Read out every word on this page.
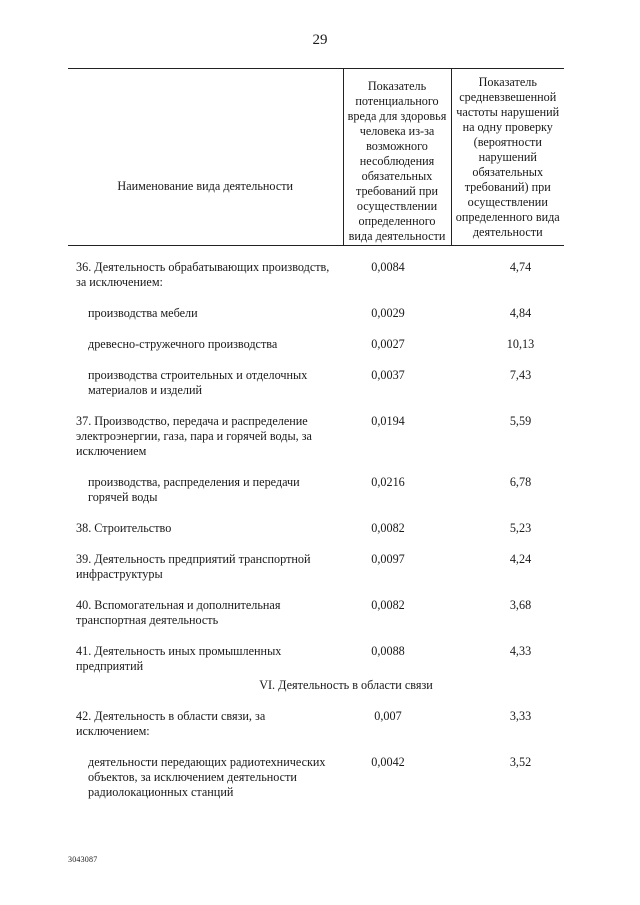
29
Наименование вида деятельности	Показатель потенциального вреда для здоровья человека из-за возможного несоблюдения обязательных требований при осуществлении определенного вида деятельности	Показатель средневзвешенной частоты нарушений на одну проверку (вероятности нарушений обязательных требований) при осуществлении определенного вида деятельности
36. Деятельность обрабатывающих производств, за исключением:	0,0084	4,74
производства мебели	0,0029	4,84
древесно-стружечного производства	0,0027	10,13
производства строительных и отделочных материалов и изделий	0,0037	7,43
37. Производство, передача и распределение электроэнергии, газа, пара и горячей воды, за исключением	0,0194	5,59
производства, распределения и передачи горячей воды	0,0216	6,78
38. Строительство	0,0082	5,23
39. Деятельность предприятий транспортной инфраструктуры	0,0097	4,24
40. Вспомогательная и дополнительная транспортная деятельность	0,0082	3,68
41. Деятельность иных промышленных предприятий	0,0088	4,33
VI. Деятельность в области связи		
42. Деятельность в области связи, за исключением:	0,007	3,33
деятельности передающих радиотехнических объектов, за исключением деятельности радиолокационных станций	0,0042	3,52
3043087
